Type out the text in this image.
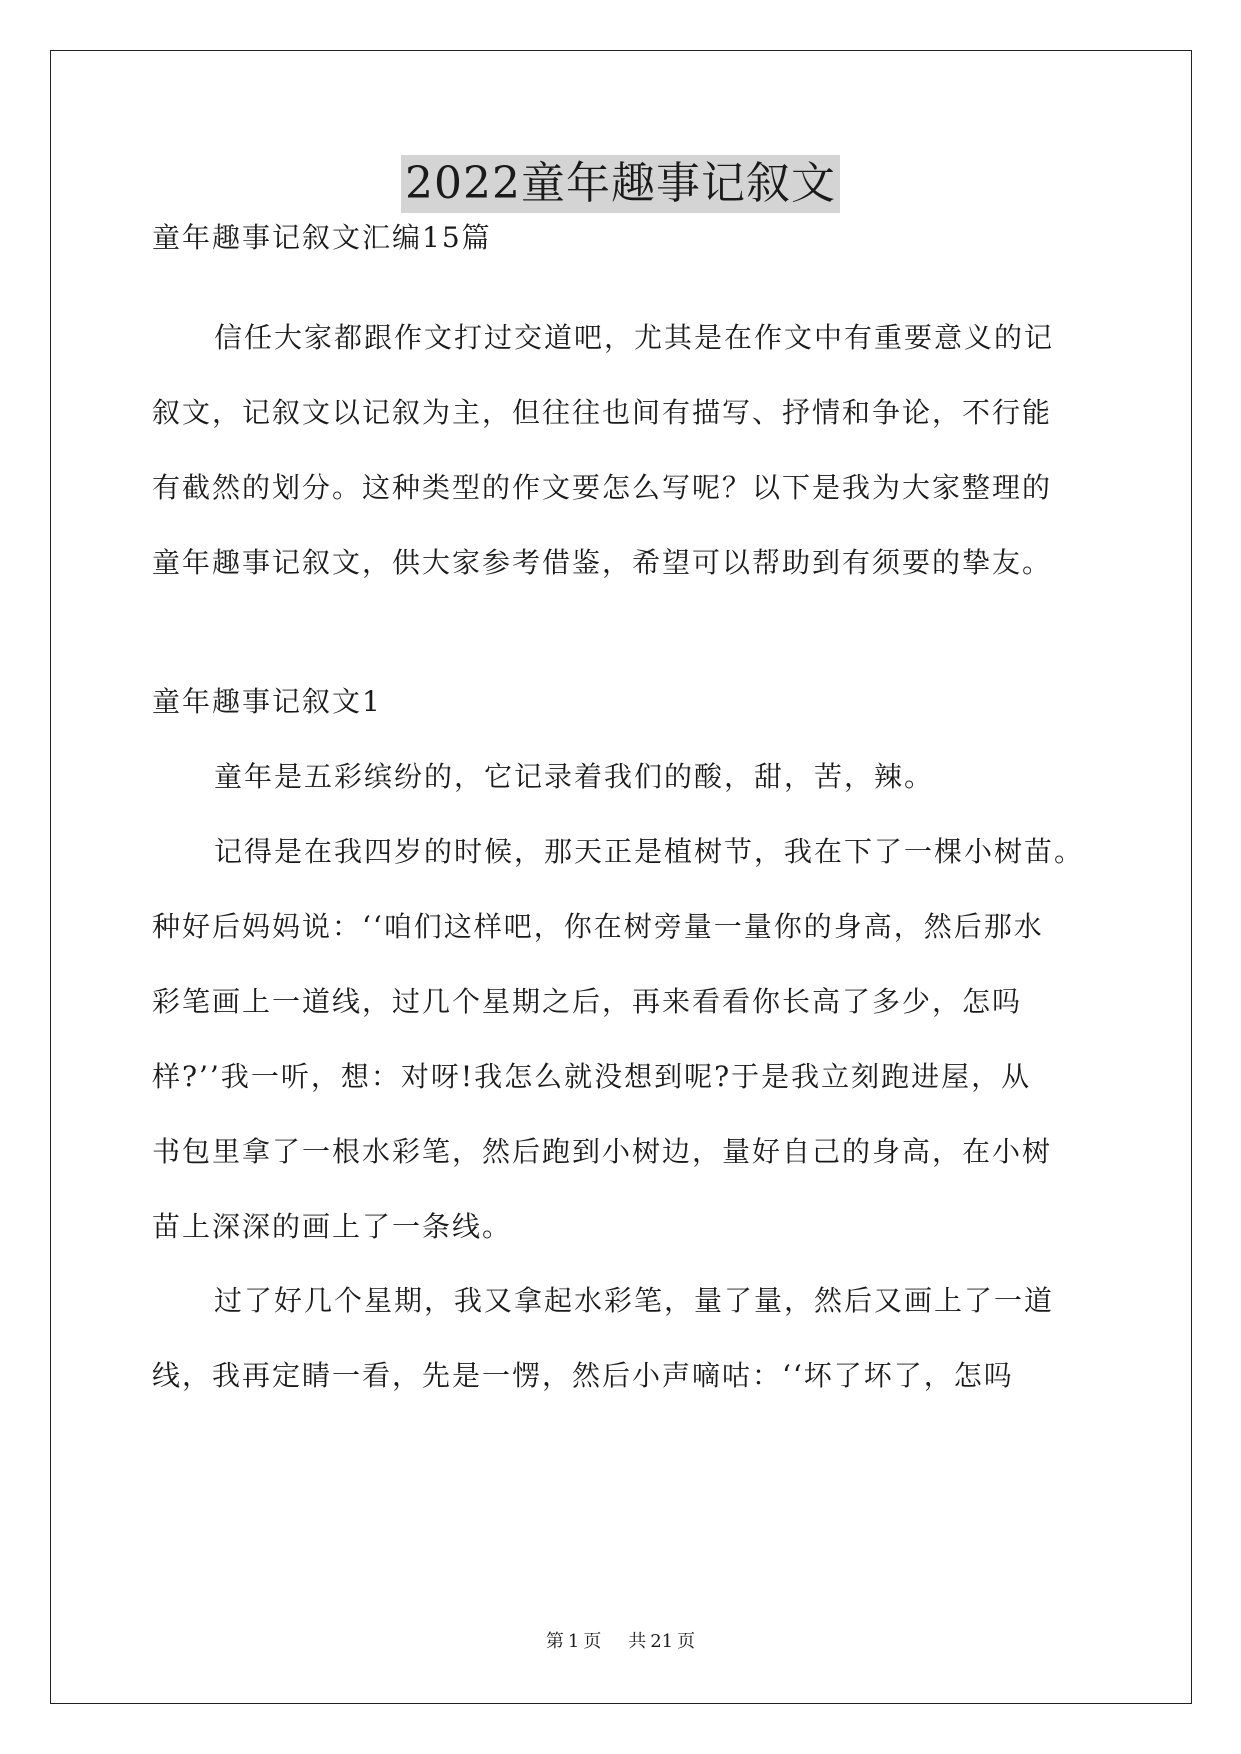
2022童年趣事记叙文
童年趣事记叙文汇编15篇
信任大家都跟作文打过交道吧，尤其是在作文中有重要意义的记
叙文，记叙文以记叙为主，但往往也间有描写、抒情和争论，不行能
有截然的划分。这种类型的作文要怎么写呢？以下是我为大家整理的
童年趣事记叙文，供大家参考借鉴，希望可以帮助到有须要的挚友。
童年趣事记叙文1
童年是五彩缤纷的，它记录着我们的酸，甜，苦，辣。
记得是在我四岁的时候，那天正是植树节，我在下了一棵小树苗。
种好后妈妈说：‘‘咱们这样吧，你在树旁量一量你的身高，然后那水
彩笔画上一道线，过几个星期之后，再来看看你长高了多少，怎吗
样?’’我一听，想：对呀!我怎么就没想到呢?于是我立刻跑进屋，从
书包里拿了一根水彩笔，然后跑到小树边，量好自己的身高，在小树
苗上深深的画上了一条线。
过了好几个星期，我又拿起水彩笔，量了量，然后又画上了一道
线，我再定睛一看，先是一愣，然后小声嘀咕：‘‘坏了坏了，怎吗
第 1 页 共 21 页
